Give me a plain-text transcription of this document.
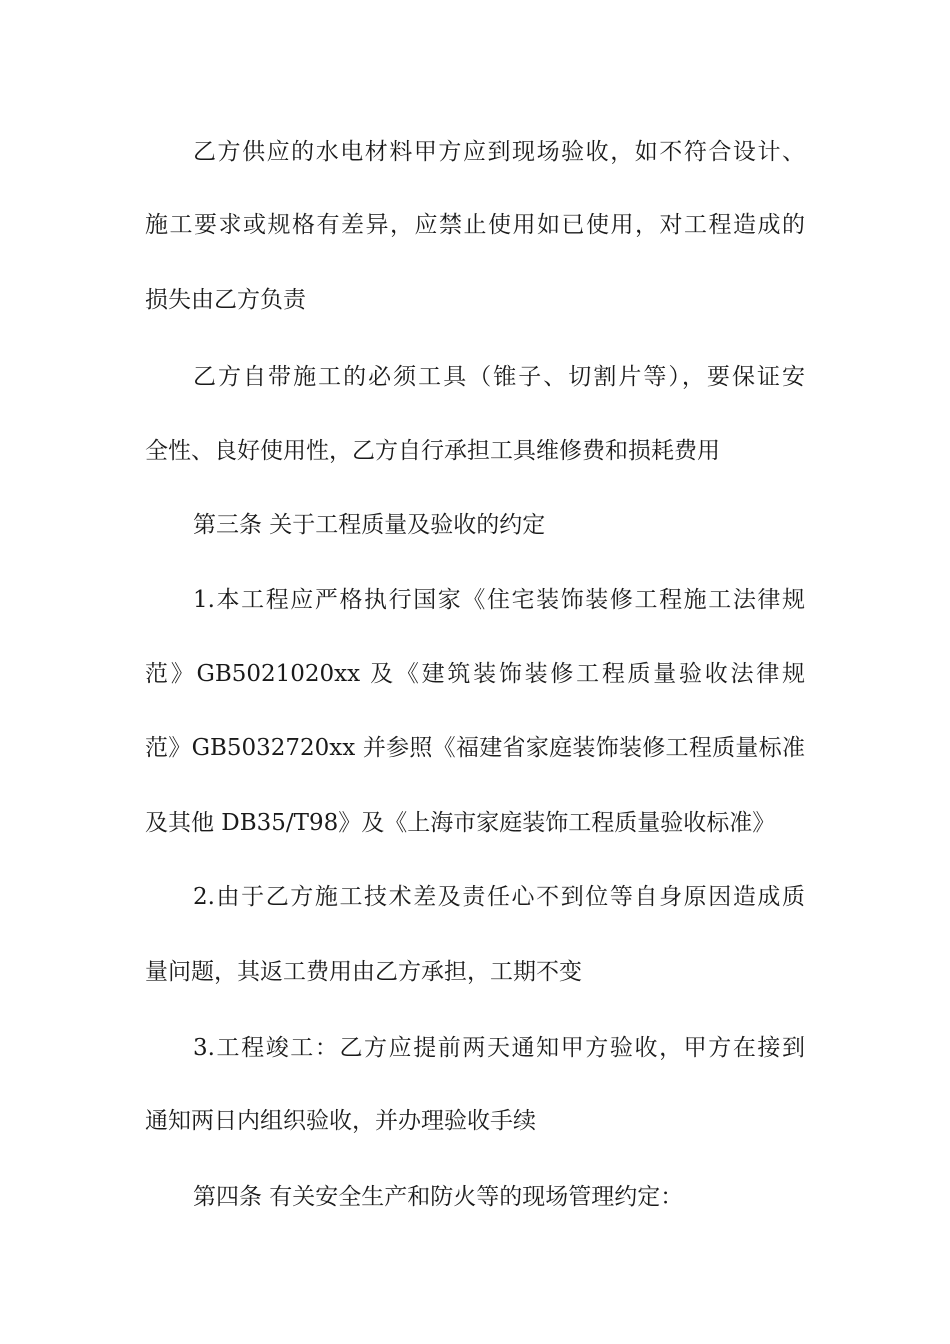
乙方供应的水电材料甲方应到现场验收，如不符合设计、
施工要求或规格有差异，应禁止使用如已使用，对工程造成的
损失由乙方负责
乙方自带施工的必须工具（锥子、切割片等），要保证安
全性、良好使用性，乙方自行承担工具维修费和损耗费用
第三条 关于工程质量及验收的约定
1.本工程应严格执行国家《住宅装饰装修工程施工法律规
范》GB5021020xx 及《建筑装饰装修工程质量验收法律规
范》GB5032720xx 并参照《福建省家庭装饰装修工程质量标准
及其他 DB35/T98》及《上海市家庭装饰工程质量验收标准》
2.由于乙方施工技术差及责任心不到位等自身原因造成质
量问题，其返工费用由乙方承担，工期不变
3.工程竣工：乙方应提前两天通知甲方验收，甲方在接到
通知两日内组织验收，并办理验收手续
第四条 有关安全生产和防火等的现场管理约定：
